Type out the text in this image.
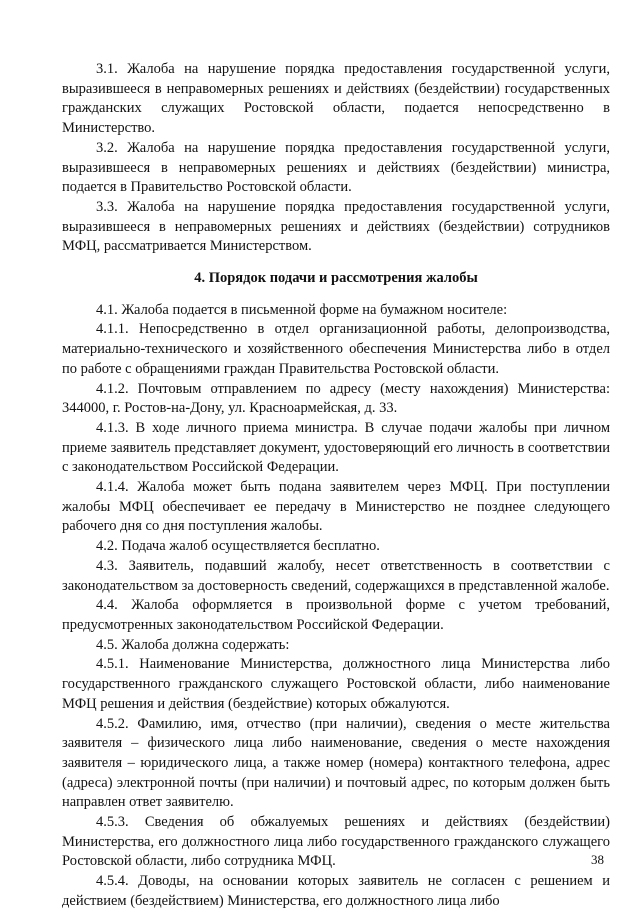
3.1. Жалоба на нарушение порядка предоставления государственной услуги, выразившееся в неправомерных решениях и действиях (бездействии) государственных гражданских служащих Ростовской области, подается непосредственно в Министерство.

3.2. Жалоба на нарушение порядка предоставления государственной услуги, выразившееся в неправомерных решениях и действиях (бездействии) министра, подается в Правительство Ростовской области.

3.3. Жалоба на нарушение порядка предоставления государственной услуги, выразившееся в неправомерных решениях и действиях (бездействии) сотрудников МФЦ, рассматривается Министерством.

4. Порядок подачи и рассмотрения жалобы

4.1. Жалоба подается в письменной форме на бумажном носителе:

4.1.1. Непосредственно в отдел организационной работы, делопроизводства, материально-технического и хозяйственного обеспечения Министерства либо в отдел по работе с обращениями граждан Правительства Ростовской области.

4.1.2. Почтовым отправлением по адресу (месту нахождения) Министерства: 344000, г. Ростов-на-Дону, ул. Красноармейская, д. 33.

4.1.3. В ходе личного приема министра. В случае подачи жалобы при личном приеме заявитель представляет документ, удостоверяющий его личность в соответствии с законодательством Российской Федерации.

4.1.4. Жалоба может быть подана заявителем через МФЦ. При поступлении жалобы МФЦ обеспечивает ее передачу в Министерство не позднее следующего рабочего дня со дня поступления жалобы.

4.2. Подача жалоб осуществляется бесплатно.

4.3. Заявитель, подавший жалобу, несет ответственность в соответствии с законодательством за достоверность сведений, содержащихся в представленной жалобе.

4.4. Жалоба оформляется в произвольной форме с учетом требований, предусмотренных законодательством Российской Федерации.

4.5. Жалоба должна содержать:

4.5.1. Наименование Министерства, должностного лица Министерства либо государственного гражданского служащего Ростовской области, либо наименование МФЦ решения и действия (бездействие) которых обжалуются.

4.5.2. Фамилию, имя, отчество (при наличии), сведения о месте жительства заявителя – физического лица либо наименование, сведения о месте нахождения заявителя – юридического лица, а также номер (номера) контактного телефона, адрес (адреса) электронной почты (при наличии) и почтовый адрес, по которым должен быть направлен ответ заявителю.

4.5.3. Сведения об обжалуемых решениях и действиях (бездействии) Министерства, его должностного лица либо государственного гражданского служащего Ростовской области, либо сотрудника МФЦ.

4.5.4. Доводы, на основании которых заявитель не согласен с решением и действием (бездействием) Министерства, его должностного лица либо

38
